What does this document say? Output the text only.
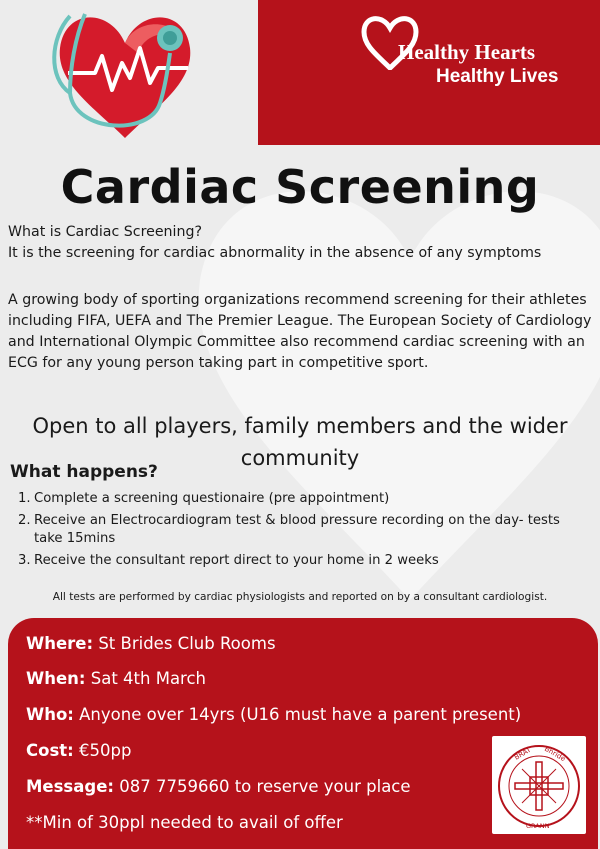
Healthy Hearts
Healthy Lives
Cardiac Screening
What is Cardiac Screening?
It is the screening for cardiac abnormality in the absence of any symptoms

A growing body of sporting organizations recommend screening for their athletes including FIFA, UEFA and The Premier League. The European Society of Cardiology and International Olympic Committee also recommend cardiac screening with an ECG for any young person taking part in competitive sport.

Open to all players, family members and the wider community

What happens?
1. Complete a screening questionaire (pre appointment)
2. Receive an Electrocardiogram test & blood pressure recording on the day- tests take 15mins
3. Receive the consultant report direct to your home in 2 weeks
All tests are performed by cardiac physiologists and reported on by a consultant cardiologist.
Where: St Brides Club Rooms
When: Sat 4th March
Who: Anyone over 14yrs (U16 must have a parent present)
Cost: €50pp
Message: 087 7759660 to reserve your place
**Min of 30ppl needed to avail of offer
BRAT Bhríde
GRANN
